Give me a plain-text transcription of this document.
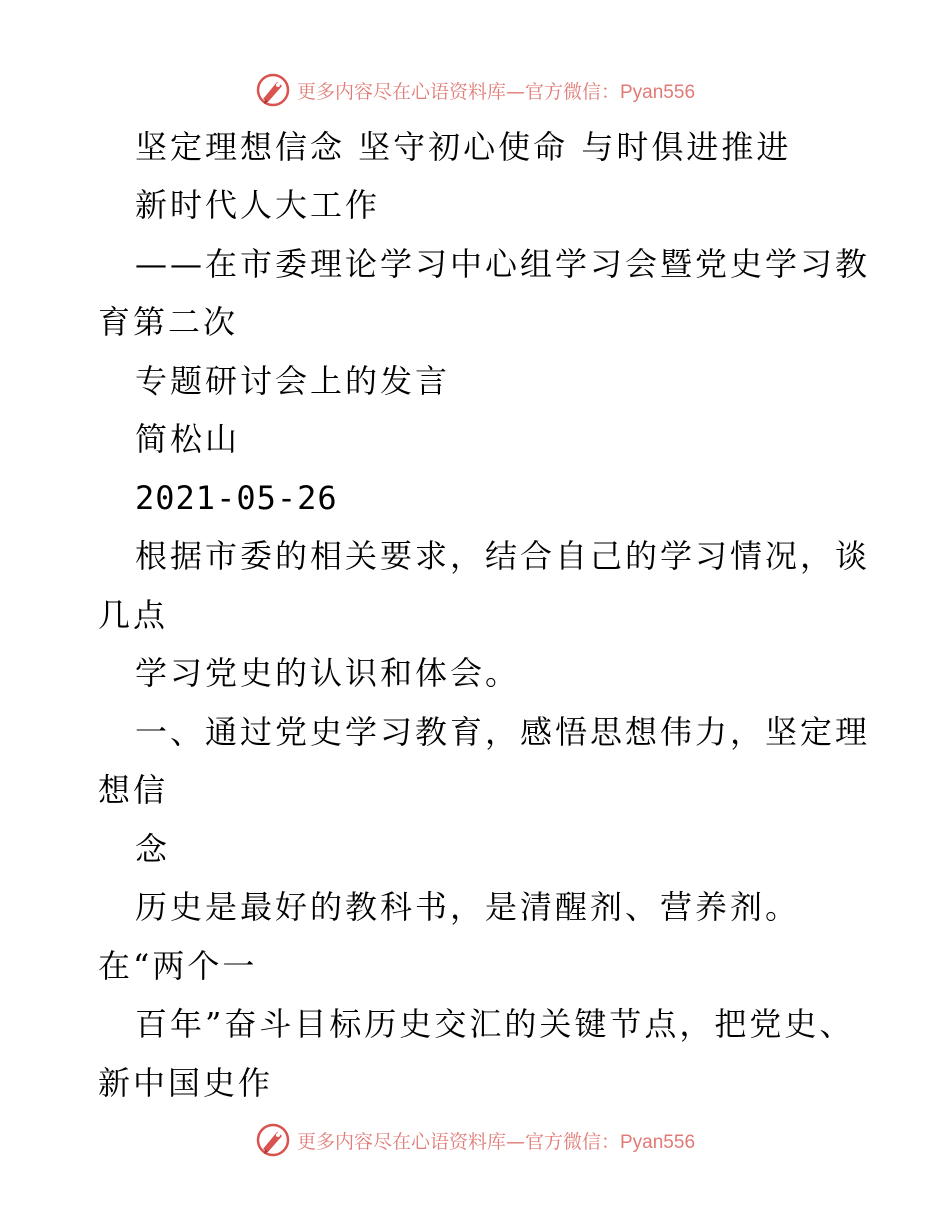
更多内容尽在心语资料库—官方微信：Pyan556
坚定理想信念 坚守初心使命 与时俱进推进
新时代人大工作
——在市委理论学习中心组学习会暨党史学习教
育第二次
专题研讨会上的发言
简松山
2021-05-26
根据市委的相关要求，结合自己的学习情况，谈
几点
学习党史的认识和体会。
一、通过党史学习教育，感悟思想伟力，坚定理
想信
念
历史是最好的教科书，是清醒剂、营养剂。
在“两个一
百年”奋斗目标历史交汇的关键节点，把党史、
新中国史作
更多内容尽在心语资料库—官方微信：Pyan556
